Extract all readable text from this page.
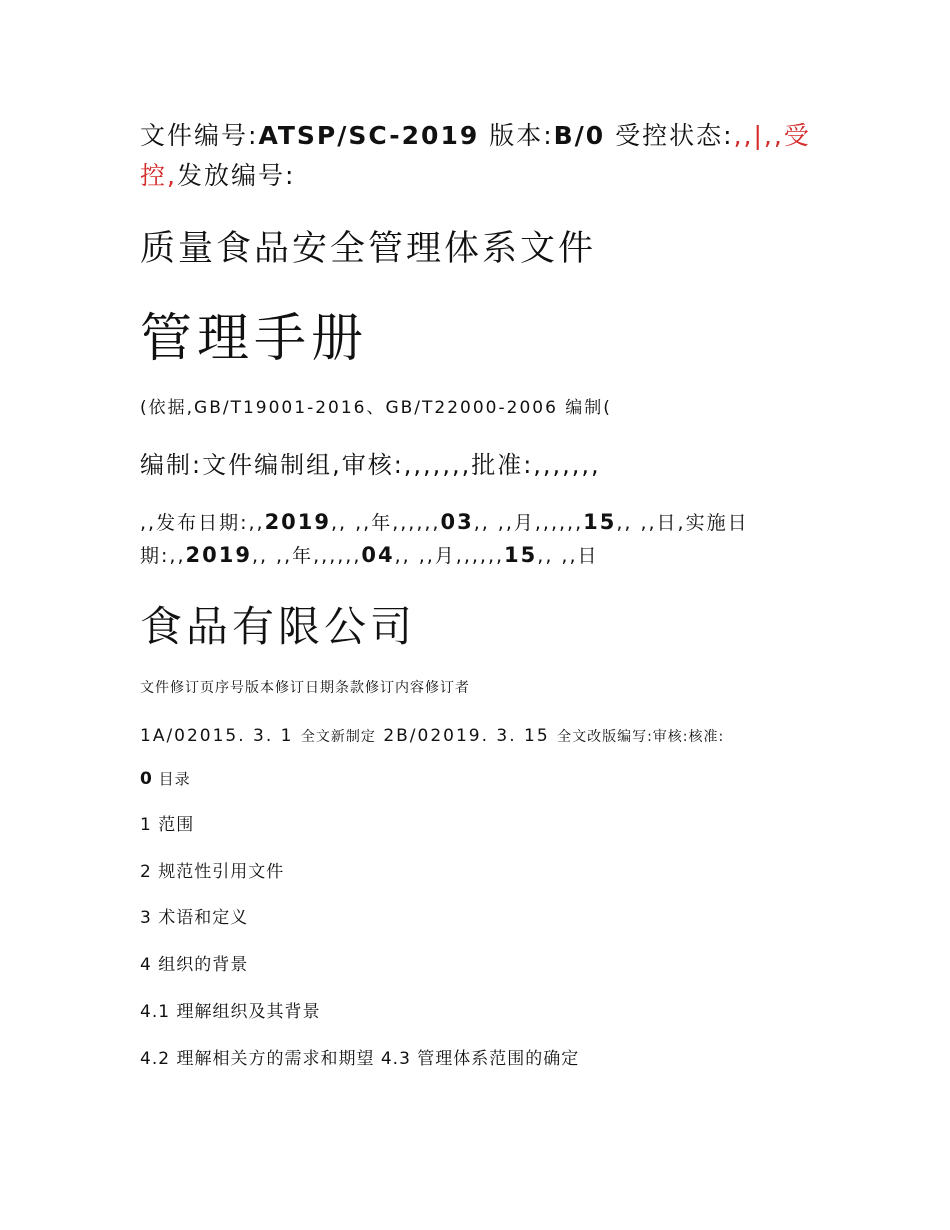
文件编号:ATSP/SC-2019 版本:B/0 受控状态:,,|,,受
控,发放编号:
质量食品安全管理体系文件
管理手册
(依据,GB/T19001-2016、GB/T22000-2006 编制(
编制:文件编制组,审核:,,,,,,,批准:,,,,,,,
,,发布日期:,,2019,, ,,年,,,,,,03,, ,,月,,,,,,15,, ,,日,实施日
期:,,2019,, ,,年,,,,,,04,, ,,月,,,,,,15,, ,,日
食品有限公司
文件修订页序号版本修订日期条款修订内容修订者
1A/02015. 3. 1 全文新制定 2B/02019. 3. 15 全文改版编写:审核:核准:
0 目录
1 范围
2 规范性引用文件
3 术语和定义
4 组织的背景
4.1 理解组织及其背景
4.2 理解相关方的需求和期望 4.3 管理体系范围的确定
